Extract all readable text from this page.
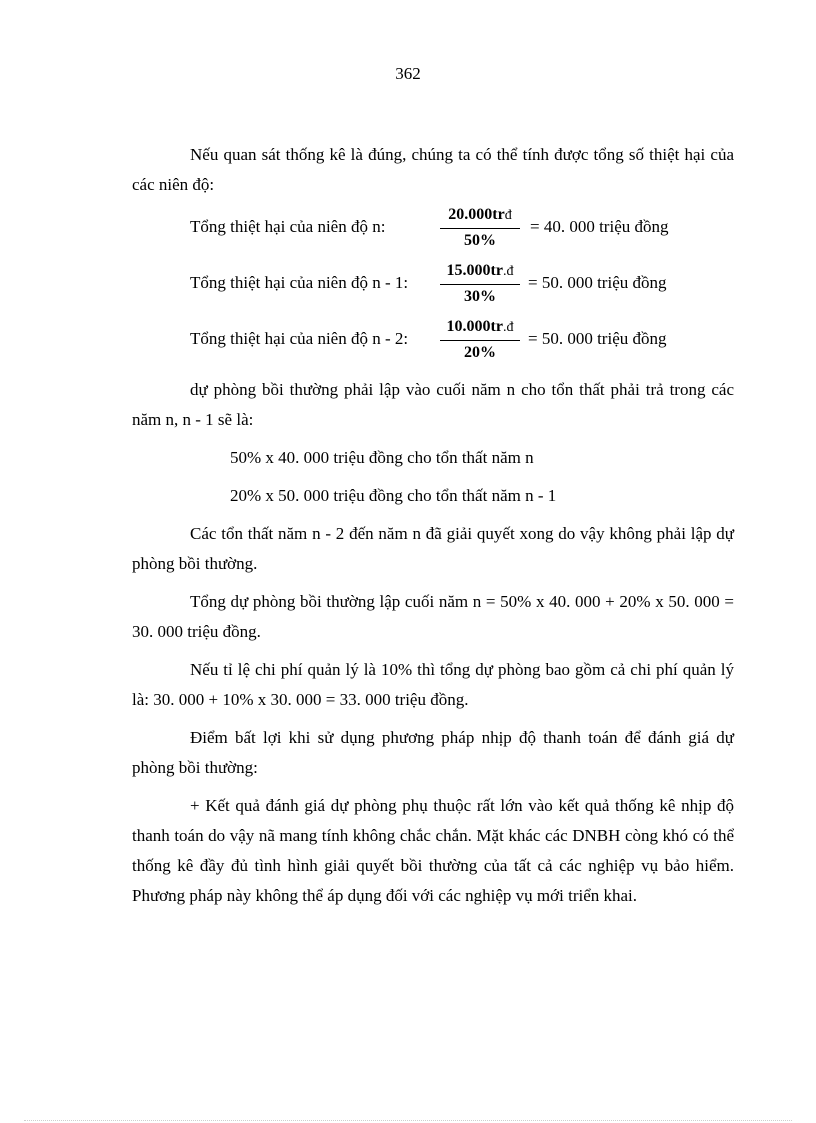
362

Nếu quan sát thống kê là đúng, chúng ta có thể tính được tổng số thiệt hại của các niên độ:

Tổng thiệt hại của niên độ n:
20.000trđ
50%
= 40. 000 triệu đồng
Tổng thiệt hại của niên độ n - 1:
15.000tr.đ
30%
= 50. 000 triệu đồng
Tổng thiệt hại của niên độ n - 2:
10.000tr.đ
20%
= 50. 000 triệu đồng

dự phòng bồi thường phải lập vào cuối năm n cho tổn thất phải trả trong các năm n, n - 1 sẽ là:

50% x 40. 000 triệu đồng cho tổn thất năm n
20% x 50. 000 triệu đồng cho tổn thất năm n - 1

Các tổn thất năm n - 2 đến năm n đã giải quyết xong do vậy không phải lập dự phòng bồi thường.

Tổng dự phòng bồi thường lập cuối năm n = 50% x 40. 000 + 20% x 50. 000 = 30. 000 triệu đồng.

Nếu tỉ lệ chi phí quản lý là 10% thì tổng dự phòng bao gồm cả chi phí quản lý là: 30. 000 + 10% x 30. 000 = 33. 000 triệu đồng.

Điểm bất lợi khi sử dụng phương pháp nhịp độ thanh toán để đánh giá dự phòng bồi thường:

+ Kết quả đánh giá dự phòng phụ thuộc rất lớn vào kết quả thống kê nhịp độ thanh toán do vậy nã mang tính không chắc chắn. Mặt khác các DNBH còng khó có thể thống kê đầy đủ tình hình giải quyết bồi thường của tất cả các nghiệp vụ bảo hiểm. Phương pháp này không thể áp dụng đối với các nghiệp vụ mới triển khai.
